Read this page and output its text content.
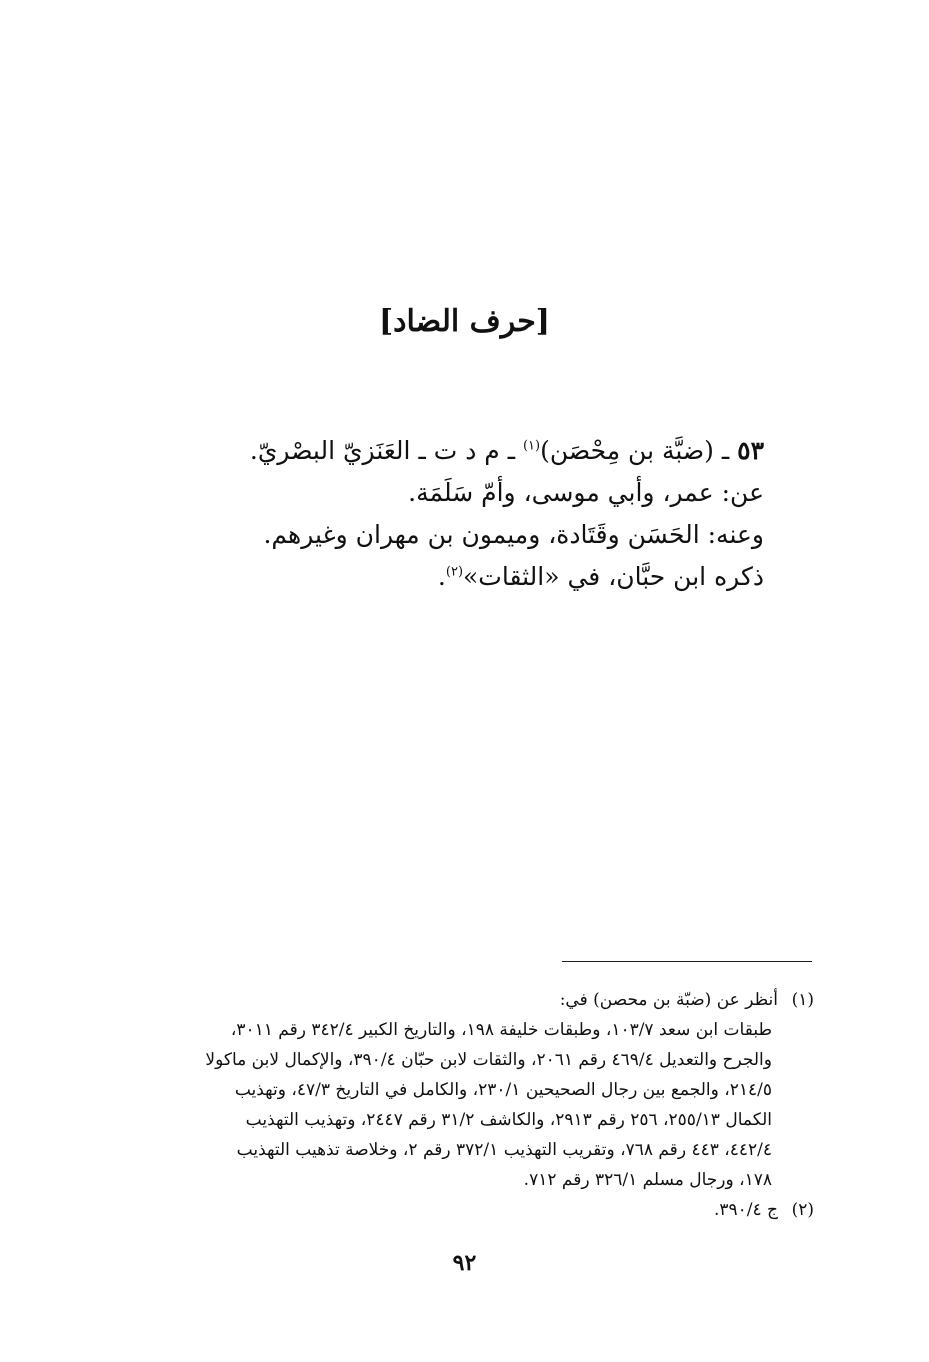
[حرف الضاد]
٥٣ ـ (ضبَّة بن مِحْصَن)$^{(١)}$ ـ م د ت ـ العَنَزيّ البصْريّ.
عن: عمر، وأبي موسى، وأمّ سَلَمَة.
وعنه: الحَسَن وقَتَادة، وميمون بن مهران وغيرهم.
ذكره ابن حبَّان، في «الثقات»$^{(٢)}$.
(١)أنظر عن (ضبّة بن محصن) في:
طبقات ابن سعد ١٠٣/٧، وطبقات خليفة ١٩٨، والتاريخ الكبير ٣٤٢/٤ رقم ٣٠١١،
والجرح والتعديل ٤٦٩/٤ رقم ٢٠٦١، والثقات لابن حبّان ٣٩٠/٤، والإكمال لابن ماكولا
٢١٤/٥، والجمع بين رجال الصحيحين ٢٣٠/١، والكامل في التاريخ ٤٧/٣، وتهذيب
الكمال ٢٥٥/١٣، ٢٥٦ رقم ٢٩١٣، والكاشف ٣١/٢ رقم ٢٤٤٧، وتهذيب التهذيب
٤٤٢/٤، ٤٤٣ رقم ٧٦٨، وتقريب التهذيب ٣٧٢/١ رقم ٢، وخلاصة تذهيب التهذيب
١٧٨، ورجال مسلم ٣٢٦/١ رقم ٧١٢.
(٢)ج ٣٩٠/٤.
٩٢
